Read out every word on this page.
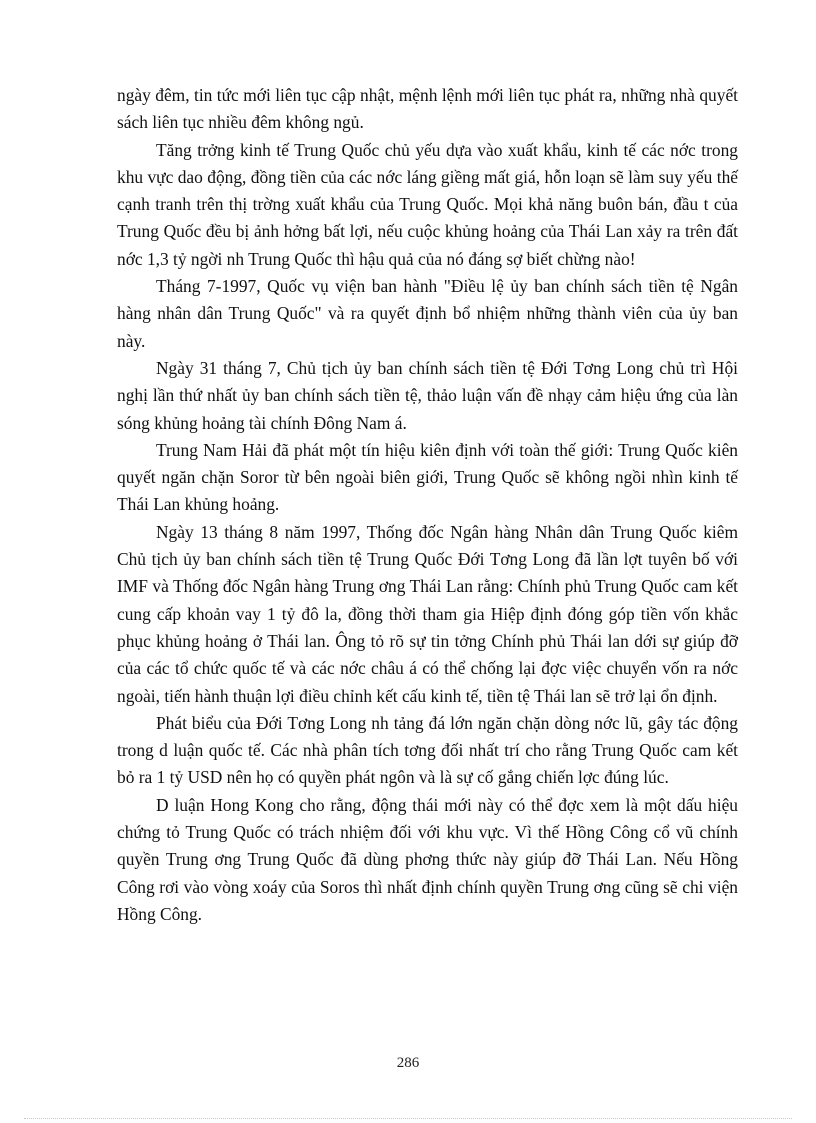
ngày đêm, tin tức mới liên tục cập nhật, mệnh lệnh mới liên tục phát ra, những nhà quyết sách liên tục nhiều đêm không ngủ.

Tăng trởng kinh tế Trung Quốc chủ yếu dựa vào xuất khẩu, kinh tế các nớc trong khu vực dao động, đồng tiền của các nớc láng giềng mất giá, hỗn loạn sẽ làm suy yếu thế cạnh tranh trên thị trờng xuất khẩu của Trung Quốc. Mọi khả năng buôn bán, đầu t của Trung Quốc đều bị ảnh hởng bất lợi, nếu cuộc khủng hoảng của Thái Lan xảy ra trên đất nớc 1,3 tỷ ngời nh Trung Quốc thì hậu quả của nó đáng sợ biết chừng nào!

Tháng 7-1997, Quốc vụ viện ban hành "Điều lệ ủy ban chính sách tiền tệ Ngân hàng nhân dân Trung Quốc" và ra quyết định bổ nhiệm những thành viên của ủy ban này.

Ngày 31 tháng 7, Chủ tịch ủy ban chính sách tiền tệ Đới Tơng Long chủ trì Hội nghị lần thứ nhất ủy ban chính sách tiền tệ, thảo luận vấn đề nhạy cảm hiệu ứng của làn sóng khủng hoảng tài chính Đông Nam á.

Trung Nam Hải đã phát một tín hiệu kiên định với toàn thế giới: Trung Quốc kiên quyết ngăn chặn Soror từ bên ngoài biên giới, Trung Quốc sẽ không ngồi nhìn kinh tế Thái Lan khủng hoảng.

Ngày 13 tháng 8 năm 1997, Thống đốc Ngân hàng Nhân dân Trung Quốc kiêm Chủ tịch ủy ban chính sách tiền tệ Trung Quốc Đới Tơng Long đã lần lợt tuyên bố với IMF và Thống đốc Ngân hàng Trung ơng Thái Lan rằng: Chính phủ Trung Quốc cam kết cung cấp khoản vay 1 tỷ đô la, đồng thời tham gia Hiệp định đóng góp tiền vốn khắc phục khủng hoảng ở Thái lan. Ông tỏ rõ sự tin tởng Chính phủ Thái lan dới sự giúp đỡ của các tổ chức quốc tế và các nớc châu á có thể chống lại đợc việc chuyển vốn ra nớc ngoài, tiến hành thuận lợi điều chỉnh kết cấu kinh tế, tiền tệ Thái lan sẽ trở lại ổn định.

Phát biểu của Đới Tơng Long nh tảng đá lớn ngăn chặn dòng nớc lũ, gây tác động trong d luận quốc tế. Các nhà phân tích tơng đối nhất trí cho rằng Trung Quốc cam kết bỏ ra 1 tỷ USD nên họ có quyền phát ngôn và là sự cố gắng chiến lợc đúng lúc.

D luận Hong Kong cho rằng, động thái mới này có thể đợc xem là một dấu hiệu chứng tỏ Trung Quốc có trách nhiệm đối với khu vực. Vì thế Hồng Công cổ vũ chính quyền Trung ơng Trung Quốc đã dùng phơng thức này giúp đỡ Thái Lan. Nếu Hồng Công rơi vào vòng xoáy của Soros thì nhất định chính quyền Trung ơng cũng sẽ chi viện Hồng Công.

286
